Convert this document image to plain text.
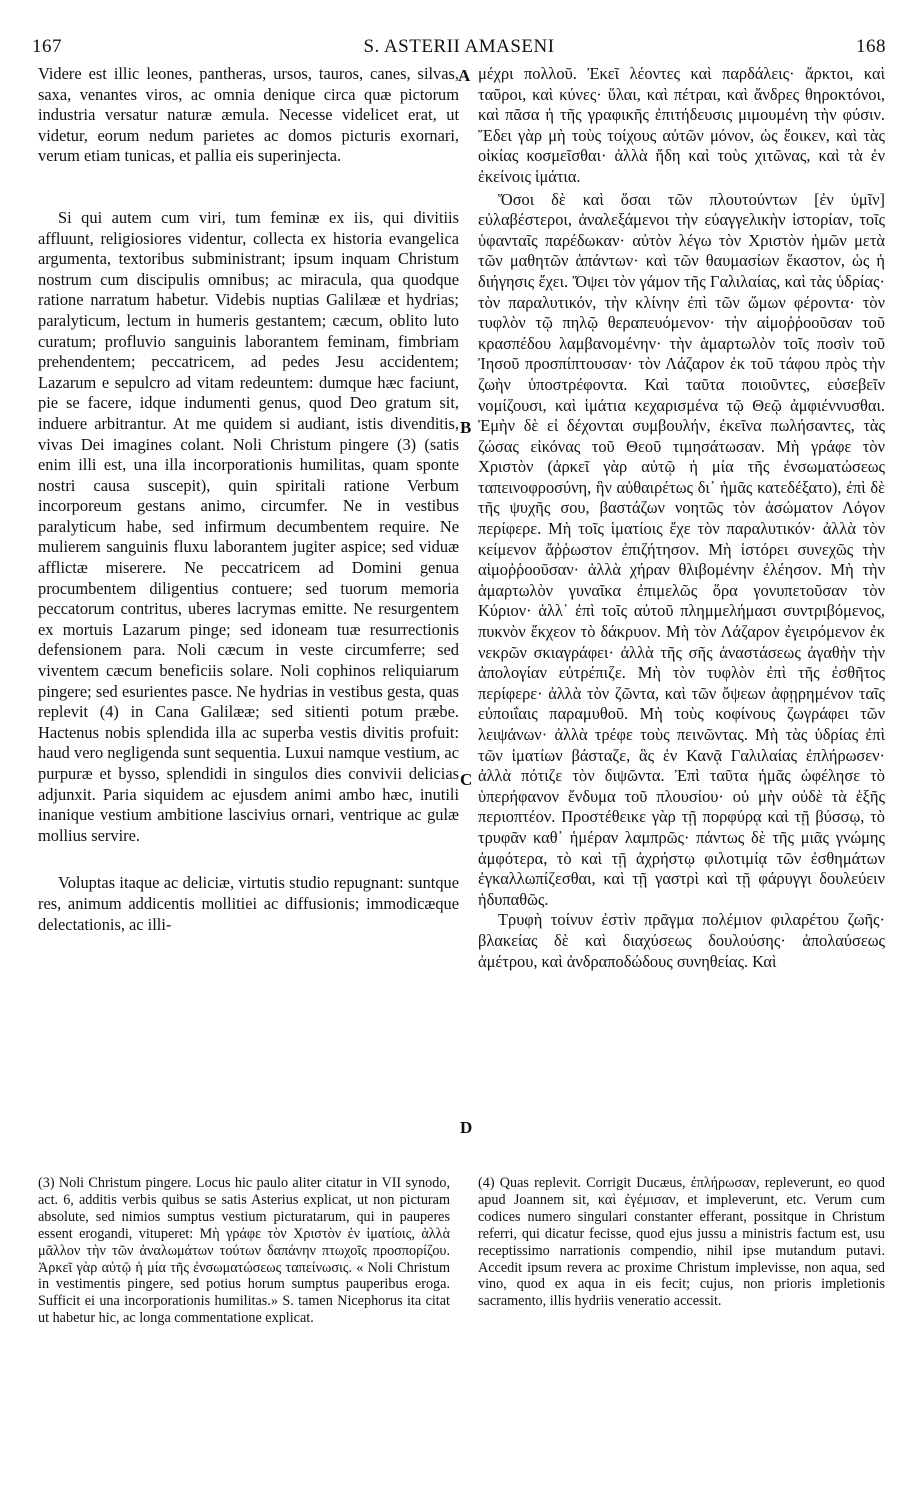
167	S. ASTERII AMASENI	168

Videre est illic leones, pantheras, ursos, tauros, canes, silvas, saxa, venantes viros, ac omnia denique circa quæ pictorum industria versatur naturæ æmula. Necesse videlicet erat, ut videtur, eorum nedum parietes ac domos picturis exornari, verum etiam tunicas, et pallia eis superinjecta.

Si qui autem cum viri, tum feminæ ex iis, qui divitiis affluunt, religiosiores videntur, collecta ex historia evangelica argumenta, textoribus subministrant; ipsum inquam Christum nostrum cum discipulis omnibus; ac miracula, qua quodque ratione narratum habetur. Videbis nuptias Galilææ et hydrias; paralyticum, lectum in humeris gestantem; cæcum, oblito luto curatum; profluvio sanguinis laborantem feminam, fimbriam prehendentem; peccatricem, ad pedes Jesu accidentem; Lazarum e sepulcro ad vitam redeuntem: dumque hæc faciunt, pie se facere, idque indumenti genus, quod Deo gratum sit, induere arbitrantur. At me quidem si audiant, istis divenditis, vivas Dei imagines colant. Noli Christum pingere (3) (satis enim illi est, una illa incorporationis humilitas, quam sponte nostri causa suscepit), quin spiritali ratione Verbum incorporeum gestans animo, circumfer. Ne in vestibus paralyticum habe, sed infirmum decumbentem require. Ne mulierem sanguinis fluxu laborantem jugiter aspice; sed viduæ afflictæ miserere. Ne peccatricem ad Domini genua procumbentem diligentius contuere; sed tuorum memoria peccatorum contritus, uberes lacrymas emitte. Ne resurgentem ex mortuis Lazarum pinge; sed idoneam tuæ resurrectionis defensionem para. Noli cæcum in veste circumferre; sed viventem cæcum beneficiis solare. Noli cophinos reliquiarum pingere; sed esurientes pasce. Ne hydrias in vestibus gesta, quas replevit (4) in Cana Galilææ; sed sitienti potum præbe. Hactenus nobis splendida illa ac superba vestis divitis profuit: haud vero negligenda sunt sequentia. Luxui namque vestium, ac purpuræ et bysso, splendidi in singulos dies convivii delicias adjunxit. Paria siquidem ac ejusdem animi ambo hæc, inutili inanique vestium ambitione lascivius ornari, ventrique ac gulæ mollius servire.

Voluptas itaque ac deliciæ, virtutis studio repugnant: suntque res, animum addicentis mollitiei ac diffusionis; immodicæque delectationis, ac illi-

A
B
C
D

μέχρι πολλοῦ. Ἐκεῖ λέοντες καὶ παρδάλεις· ἄρκτοι, καὶ ταῦροι, καὶ κύνες· ὕλαι, καὶ πέτραι, καὶ ἄνδρες θηροκτόνοι, καὶ πᾶσα ἡ τῆς γραφικῆς ἐπιτήδευσις μιμουμένη τὴν φύσιν. Ἔδει γὰρ μὴ τοὺς τοίχους αὐτῶν μόνον, ὡς ἔοικεν, καὶ τὰς οἰκίας κοσμεῖσθαι· ἀλλὰ ἤδη καὶ τοὺς χιτῶνας, καὶ τὰ ἐν ἐκείνοις ἱμάτια.

Ὅσοι δὲ καὶ ὅσαι τῶν πλουτούντων [ἐν ὑμῖν] εὐλαβέστεροι, ἀναλεξάμενοι τὴν εὐαγγελικὴν ἱστορίαν, τοῖς ὑφανταῖς παρέδωκαν· αὐτὸν λέγω τὸν Χριστὸν ἡμῶν μετὰ τῶν μαθητῶν ἁπάντων· καὶ τῶν θαυμασίων ἕκαστον, ὡς ἡ διήγησις ἔχει. Ὄψει τὸν γάμον τῆς Γαλιλαίας, καὶ τὰς ὑδρίας· τὸν παραλυτικόν, τὴν κλίνην ἐπὶ τῶν ὤμων φέροντα· τὸν τυφλὸν τῷ πηλῷ θεραπευόμενον· τὴν αἱμοῤῥοοῦσαν τοῦ κρασπέδου λαμβανομένην· τὴν ἁμαρτωλὸν τοῖς ποσὶν τοῦ Ἰησοῦ προσπίπτουσαν· τὸν Λάζαρον ἐκ τοῦ τάφου πρὸς τὴν ζωὴν ὑποστρέφοντα. Καὶ ταῦτα ποιοῦντες, εὐσεβεῖν νομίζουσι, καὶ ἱμάτια κεχαρισμένα τῷ Θεῷ ἀμφιέννυσθαι. Ἐμὴν δὲ εἰ δέχονται συμβουλήν, ἐκεῖνα πωλήσαντες, τὰς ζώσας εἰκόνας τοῦ Θεοῦ τιμησάτωσαν. Μὴ γράφε τὸν Χριστὸν (ἀρκεῖ γὰρ αὐτῷ ἡ μία τῆς ἐνσωματώσεως ταπεινοφροσύνη, ἣν αὐθαιρέτως δι᾽ ἡμᾶς κατεδέξατο), ἐπὶ δὲ τῆς ψυχῆς σου, βαστάζων νοητῶς τὸν ἀσώματον Λόγον περίφερε. Μὴ τοῖς ἱματίοις ἔχε τὸν παραλυτικόν· ἀλλὰ τὸν κείμενον ἄῤῥωστον ἐπιζήτησον. Μὴ ἱστόρει συνεχῶς τὴν αἱμοῤῥοοῦσαν· ἀλλὰ χήραν θλιβομένην ἐλέησον. Μὴ τὴν ἁμαρτωλὸν γυναῖκα ἐπιμελῶς ὅρα γονυπετοῦσαν τὸν Κύριον· ἀλλ᾽ ἐπὶ τοῖς αὐτοῦ πλημμελήμασι συντριβόμενος, πυκνὸν ἔκχεον τὸ δάκρυον. Μὴ τὸν Λάζαρον ἐγειρόμενον ἐκ νεκρῶν σκιαγράφει· ἀλλὰ τῆς σῆς ἀναστάσεως ἀγαθὴν τὴν ἀπολογίαν εὐτρέπιζε. Μὴ τὸν τυφλὸν ἐπὶ τῆς ἐσθῆτος περίφερε· ἀλλὰ τὸν ζῶντα, καὶ τῶν ὄψεων ἀφῃρημένον ταῖς εὐποιΐαις παραμυθοῦ. Μὴ τοὺς κοφίνους ζωγράφει τῶν λειψάνων· ἀλλὰ τρέφε τοὺς πεινῶντας. Μὴ τὰς ὑδρίας ἐπὶ τῶν ἱματίων βάσταζε, ἃς ἐν Κανᾷ Γαλιλαίας ἐπλήρωσεν· ἀλλὰ πότιζε τὸν διψῶντα. Ἐπὶ ταῦτα ἡμᾶς ὠφέλησε τὸ ὑπερήφανον ἔνδυμα τοῦ πλουσίου· οὐ μὴν οὐδὲ τὰ ἑξῆς περιοπτέον. Προστέθεικε γὰρ τῇ πορφύρᾳ καὶ τῇ βύσσῳ, τὸ τρυφᾶν καθ᾽ ἡμέραν λαμπρῶς· πάντως δὲ τῆς μιᾶς γνώμης ἀμφότερα, τὸ καὶ τῇ ἀχρήστῳ φιλοτιμίᾳ τῶν ἐσθημάτων ἐγκαλλωπίζεσθαι, καὶ τῇ γαστρὶ καὶ τῇ φάρυγγι δουλεύειν ἡδυπαθῶς.

Τρυφὴ τοίνυν ἐστὶν πρᾶγμα πολέμιον φιλαρέτου ζωῆς· βλακείας δὲ καὶ διαχύσεως δουλούσης· ἀπολαύσεως ἀμέτρου, καὶ ἀνδραποδώδους συνηθείας. Καὶ

(3) Noli Christum pingere. Locus hic paulo aliter citatur in VII synodo, act. 6, additis verbis quibus se satis Asterius explicat, ut non picturam absolute, sed nimios sumptus vestium picturatarum, qui in pauperes essent erogandi, vituperet: Μὴ γράφε τὸν Χριστὸν ἐν ἱματίοις, ἀλλὰ μᾶλλον τὴν τῶν ἀναλωμάτων τούτων δαπάνην πτωχοῖς προσπορίζου. Ἀρκεῖ γὰρ αὐτῷ ἡ μία τῆς ἐνσωματώσεως ταπείνωσις. « Noli Christum in vestimentis pingere, sed potius horum sumptus pauperibus eroga. Sufficit ei una incorporationis humilitas.» S. tamen Nicephorus ita citat ut habetur hic, ac longa commentatione explicat.
(4) Quas replevit. Corrigit Ducæus, ἐπλήρωσαν, repleverunt, eo quod apud Joannem sit, καὶ ἐγέμισαν, et impleverunt, etc. Verum cum codices numero singulari constanter efferant, possitque in Christum referri, qui dicatur fecisse, quod ejus jussu a ministris factum est, usu receptissimo narrationis compendio, nihil ipse mutandum putavi. Accedit ipsum revera ac proxime Christum implevisse, non aqua, sed vino, quod ex aqua in eis fecit; cujus, non prioris impletionis sacramento, illis hydriis veneratio accessit.
